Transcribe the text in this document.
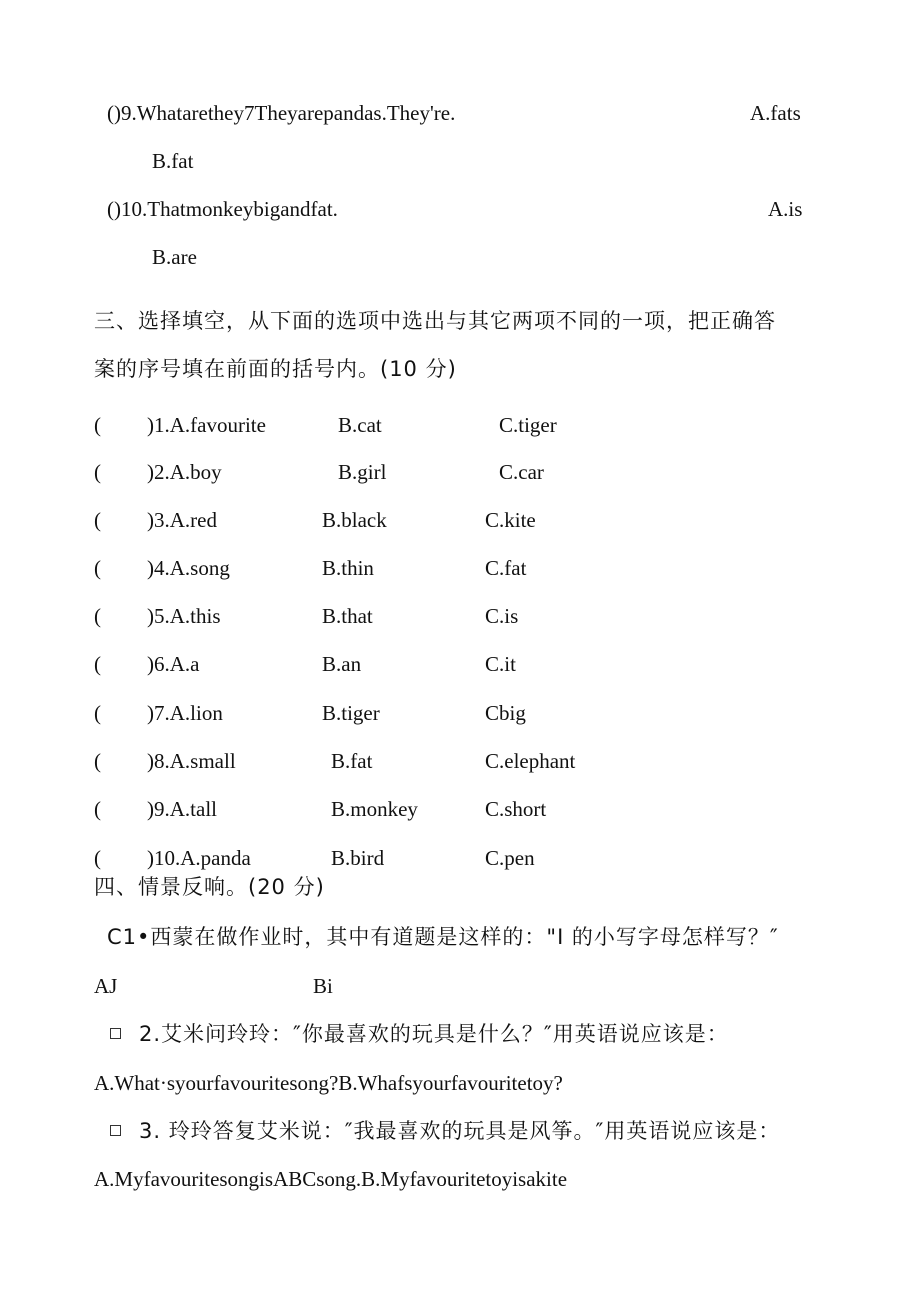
()9.Whatarethey7Theyarepandas.They're.	A.fats
B.fat
()10.Thatmonkeybigandfat.	A.is
B.are
三、选择填空，从下面的选项中选出与其它两项不同的一项，把正确答
案的序号填在前面的括号内。(10 分)
( )1.A.favourite	B.cat	C.tiger
( )2.A.boy	B.girl	C.car
( )3.A.red	B.black	C.kite
( )4.A.song	B.thin	C.fat
( )5.A.this	B.that	C.is
( )6.A.a	B.an	C.it
( )7.A.lion	B.tiger	Cbig
( )8.A.small	B.fat	C.elephant
( )9.A.tall	B.monkey	C.short
( )10.A.panda	B.bird	C.pen
四、情景反响。(20 分)
C1•西蒙在做作业时，其中有道题是这样的："I 的小写字母怎样写？″
AJ	Bi
2.艾米问玲玲：″你最喜欢的玩具是什么？″用英语说应该是：
A.What·syourfavouritesong?B.Whafsyourfavouritetoy?
3. 玲玲答复艾米说：″我最喜欢的玩具是风筝。″用英语说应该是：
A.MyfavouritesongisABCsong.B.Myfavouritetoyisakite
